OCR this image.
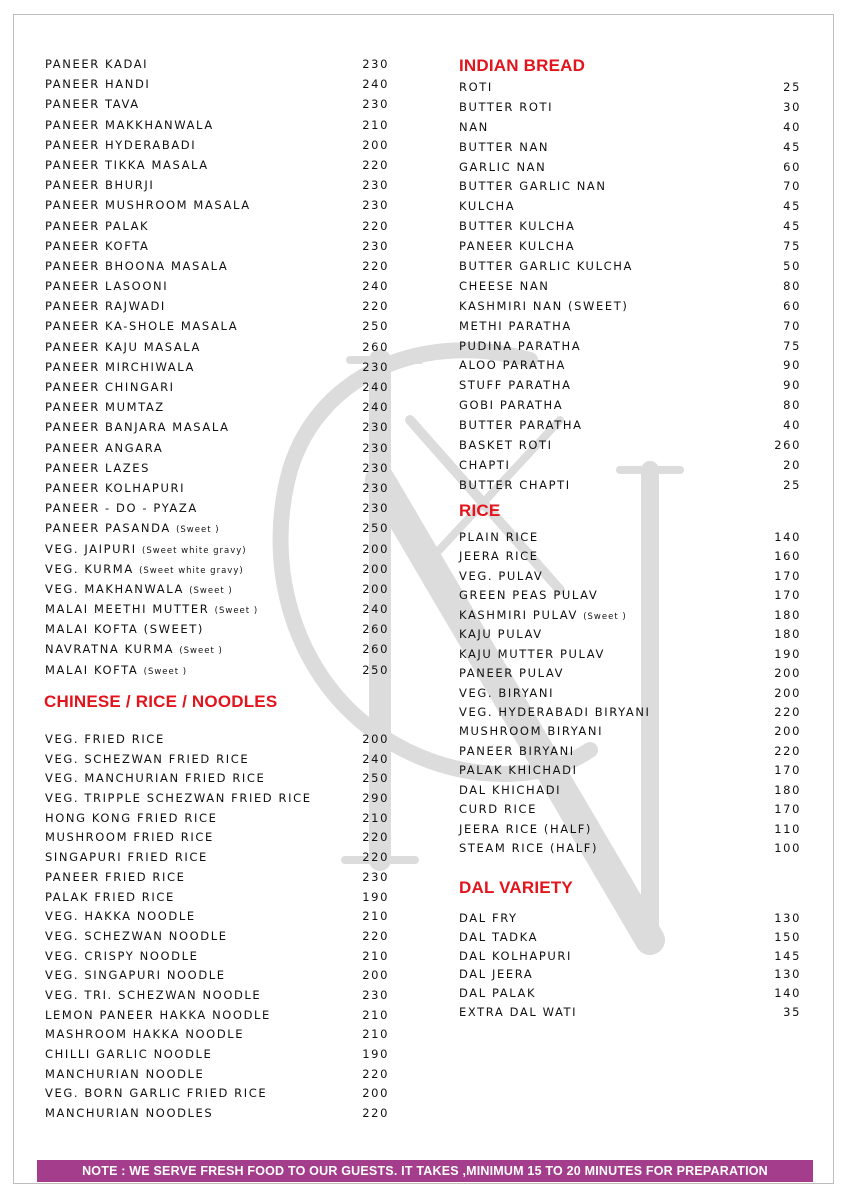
PANEER KADAI	230
PANEER HANDI	240
PANEER TAVA	230
PANEER MAKKHANWALA	210
PANEER HYDERABADI	200
PANEER TIKKA MASALA	220
PANEER BHURJI	230
PANEER MUSHROOM MASALA	230
PANEER PALAK	220
PANEER KOFTA	230
PANEER BHOONA MASALA	220
PANEER LASOONI	240
PANEER RAJWADI	220
PANEER KA-SHOLE MASALA	250
PANEER KAJU MASALA	260
PANEER MIRCHIWALA	230
PANEER CHINGARI	240
PANEER MUMTAZ	240
PANEER BANJARA MASALA	230
PANEER ANGARA	230
PANEER LAZES	230
PANEER KOLHAPURI	230
PANEER - DO - PYAZA	230
PANEER PASANDA (Sweet )	250
VEG. JAIPURI (Sweet white gravy)	200
VEG. KURMA (Sweet white gravy)	200
VEG. MAKHANWALA (Sweet )	200
MALAI MEETHI MUTTER (Sweet )	240
MALAI KOFTA (SWEET)	260
NAVRATNA KURMA (Sweet )	260
MALAI KOFTA (Sweet )	250
CHINESE / RICE / NOODLES
VEG. FRIED RICE	200
VEG. SCHEZWAN FRIED RICE	240
VEG. MANCHURIAN FRIED RICE	250
VEG. TRIPPLE SCHEZWAN FRIED RICE	290
HONG KONG FRIED RICE	210
MUSHROOM FRIED RICE	220
SINGAPURI FRIED RICE	220
PANEER FRIED RICE	230
PALAK FRIED RICE	190
VEG. HAKKA NOODLE	210
VEG. SCHEZWAN NOODLE	220
VEG. CRISPY NOODLE	210
VEG. SINGAPURI NOODLE	200
VEG. TRI. SCHEZWAN NOODLE	230
LEMON PANEER HAKKA NOODLE	210
MASHROOM HAKKA NOODLE	210
CHILLI GARLIC NOODLE	190
MANCHURIAN NOODLE	220
VEG. BORN GARLIC FRIED RICE	200
MANCHURIAN NOODLES	220
INDIAN BREAD
ROTI	25
BUTTER ROTI	30
NAN	40
BUTTER NAN	45
GARLIC NAN	60
BUTTER GARLIC NAN	70
KULCHA	45
BUTTER KULCHA	45
PANEER KULCHA	75
BUTTER GARLIC KULCHA	50
CHEESE NAN	80
KASHMIRI NAN (SWEET)	60
METHI PARATHA	70
PUDINA PARATHA	75
ALOO PARATHA	90
STUFF PARATHA	90
GOBI PARATHA	80
BUTTER PARATHA	40
BASKET ROTI	260
CHAPTI	20
BUTTER CHAPTI	25
RICE
PLAIN RICE	140
JEERA RICE	160
VEG. PULAV	170
GREEN PEAS PULAV	170
KASHMIRI PULAV (Sweet )	180
KAJU PULAV	180
KAJU MUTTER PULAV	190
PANEER PULAV	200
VEG. BIRYANI	200
VEG. HYDERABADI BIRYANI	220
MUSHROOM BIRYANI	200
PANEER BIRYANI	220
PALAK KHICHADI	170
DAL KHICHADI	180
CURD RICE	170
JEERA RICE (HALF)	110
STEAM RICE (HALF)	100
DAL VARIETY
DAL FRY	130
DAL TADKA	150
DAL KOLHAPURI	145
DAL JEERA	130
DAL PALAK	140
EXTRA DAL WATI	35
NOTE : WE SERVE FRESH FOOD TO OUR GUESTS. IT TAKES ,MINIMUM 15 TO 20 MINUTES FOR PREPARATION
